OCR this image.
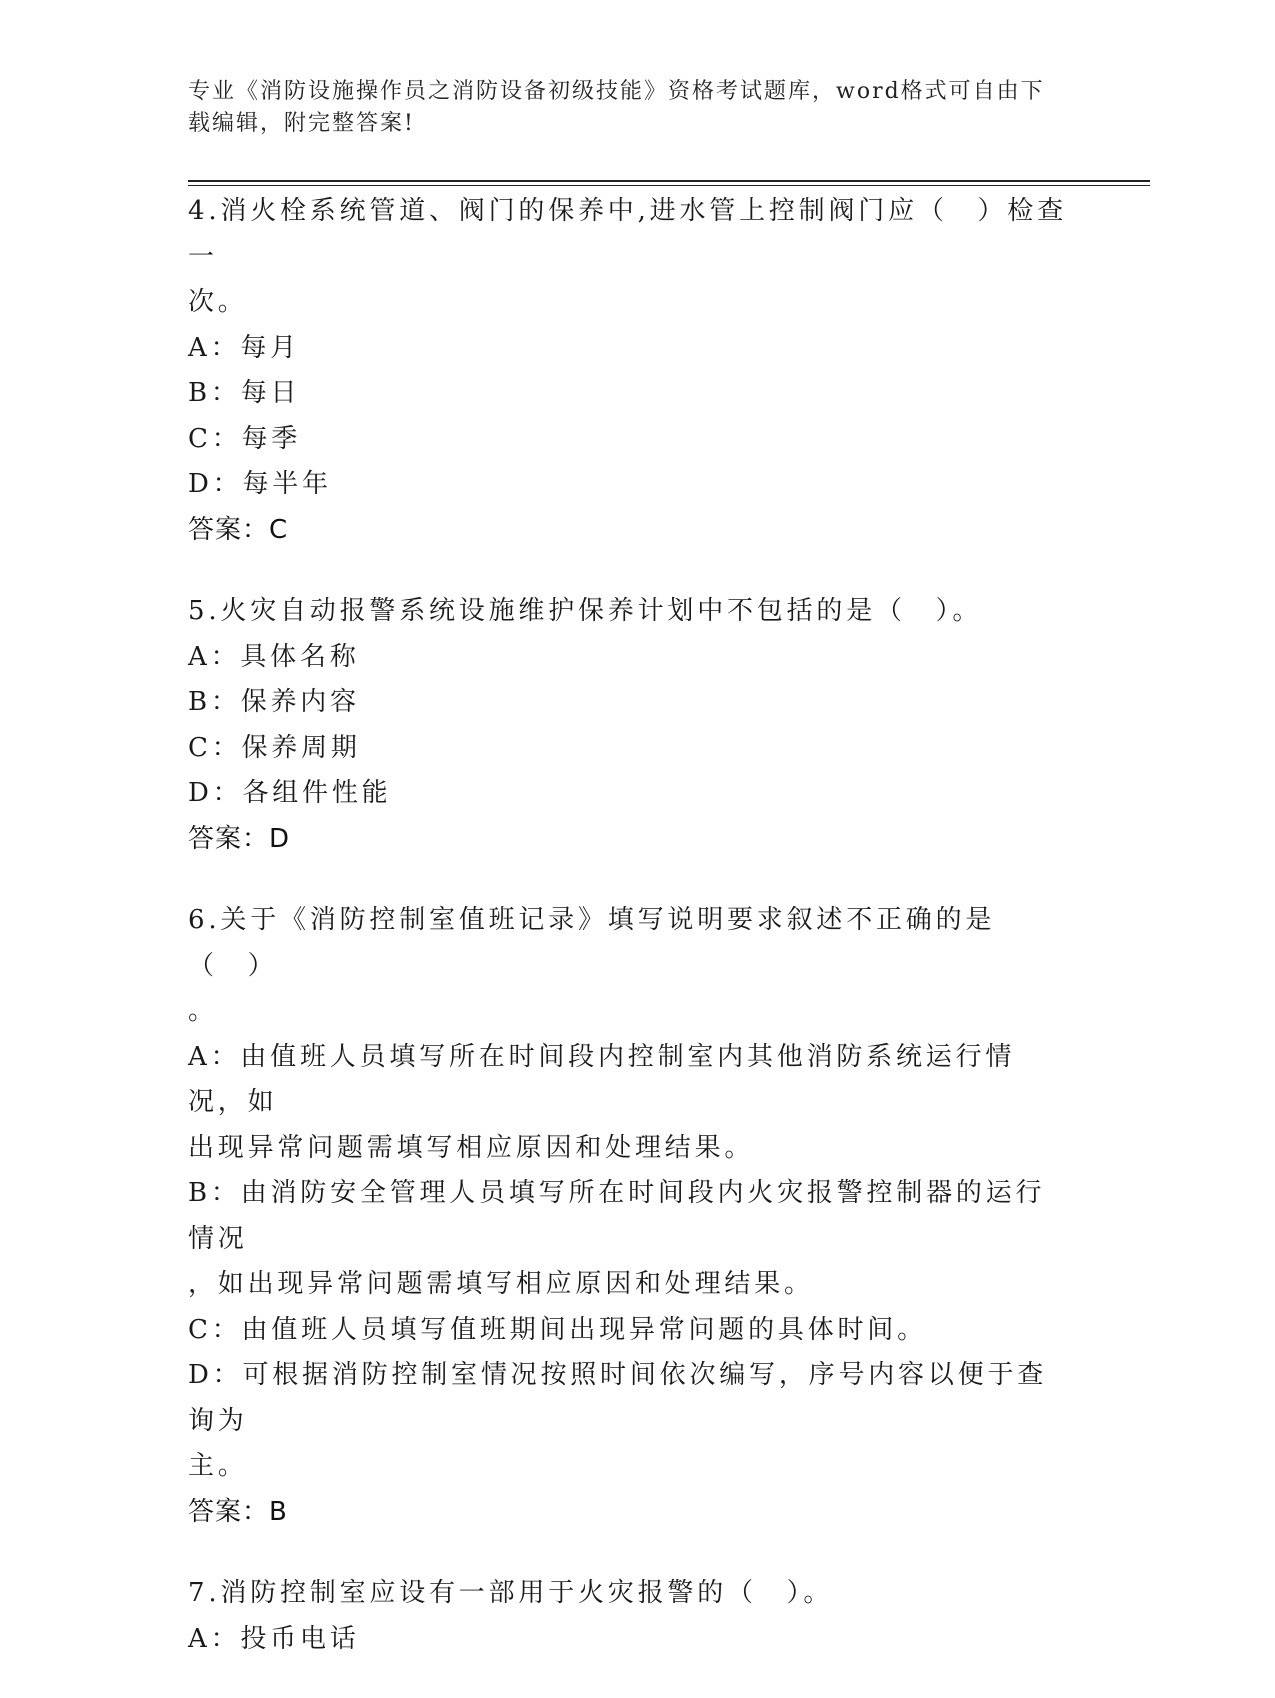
专业《消防设施操作员之消防设备初级技能》资格考试题库，word格式可自由下载编辑，附完整答案!
4.消火栓系统管道、阀门的保养中,进水管上控制阀门应（　）检查一
次。
A：每月
B：每日
C：每季
D：每半年
答案：C
5.火灾自动报警系统设施维护保养计划中不包括的是（　）。
A：具体名称
B：保养内容
C：保养周期
D：各组件性能
答案：D
6.关于《消防控制室值班记录》填写说明要求叙述不正确的是（　）
。
A：由值班人员填写所在时间段内控制室内其他消防系统运行情况，如
出现异常问题需填写相应原因和处理结果。
B：由消防安全管理人员填写所在时间段内火灾报警控制器的运行情况
，如出现异常问题需填写相应原因和处理结果。
C：由值班人员填写值班期间出现异常问题的具体时间。
D：可根据消防控制室情况按照时间依次编写，序号内容以便于查询为
主。
答案：B
7.消防控制室应设有一部用于火灾报警的（　）。
A：投币电话
